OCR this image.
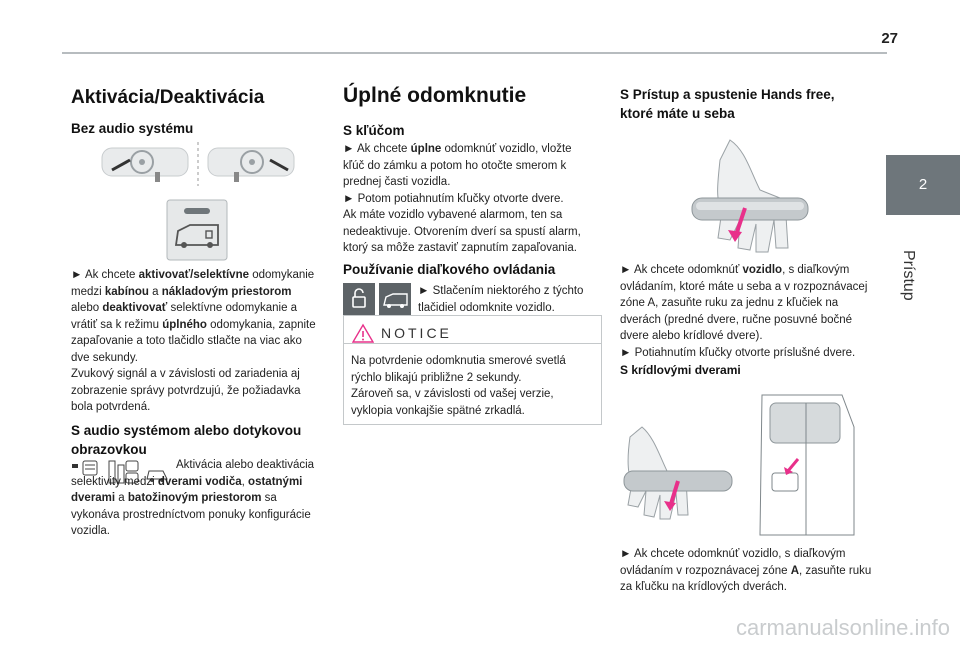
27
2
Prístup
Aktivácia/Deaktivácia
Bez audio systému

► Ak chcete aktivovať/selektívne odomykanie medzi kabínou a nákladovým priestorom alebo deaktivovať selektívne odomykanie a vrátiť sa k režimu úplného odomykania, zapnite zapaľovanie a toto tlačidlo stlačte na viac ako dve sekundy.

Zvukový signál a v závislosti od zariadenia aj zobrazenie správy potvrdzujú, že požiadavka bola potvrdená.

S audio systémom alebo dotykovou obrazovkou

Aktivácia alebo deaktivácia selektivity medzi dverami vodiča, ostatnými dverami a batožinovým priestorom sa vykonáva prostredníctvom ponuky konfigurácie vozidla.

Úplné odomknutie
S kľúčom

► Ak chcete úplne odomknúť vozidlo, vložte kľúč do zámku a potom ho otočte smerom k prednej časti vozidla.

► Potom potiahnutím kľučky otvorte dvere.

Ak máte vozidlo vybavené alarmom, ten sa nedeaktivuje. Otvorením dverí sa spustí alarm, ktorý sa môže zastaviť zapnutím zapaľovania.

Používanie diaľkového ovládania

► Stlačením niektorého z týchto tlačidiel odomknite vozidlo.

NOTICE

Na potvrdenie odomknutia smerové svetlá rýchlo blikajú približne 2 sekundy.

Zároveň sa, v závislosti od vašej verzie, vyklopia vonkajšie spätné zrkadlá.

S Prístup a spustenie Hands free, ktoré máte u seba

► Ak chcete odomknúť vozidlo, s diaľkovým ovládaním, ktoré máte u seba a v rozpoznávacej zóne A, zasuňte ruku za jednu z kľučiek na dverách (predné dvere, ručne posuvné bočné dvere alebo krídlové dvere).

► Potiahnutím kľučky otvorte príslušné dvere.

S krídlovými dverami

► Ak chcete odomknúť vozidlo, s diaľkovým ovládaním v rozpoznávacej zóne A, zasuňte ruku za kľučku na krídlových dverách.

carmanualsonline.info
